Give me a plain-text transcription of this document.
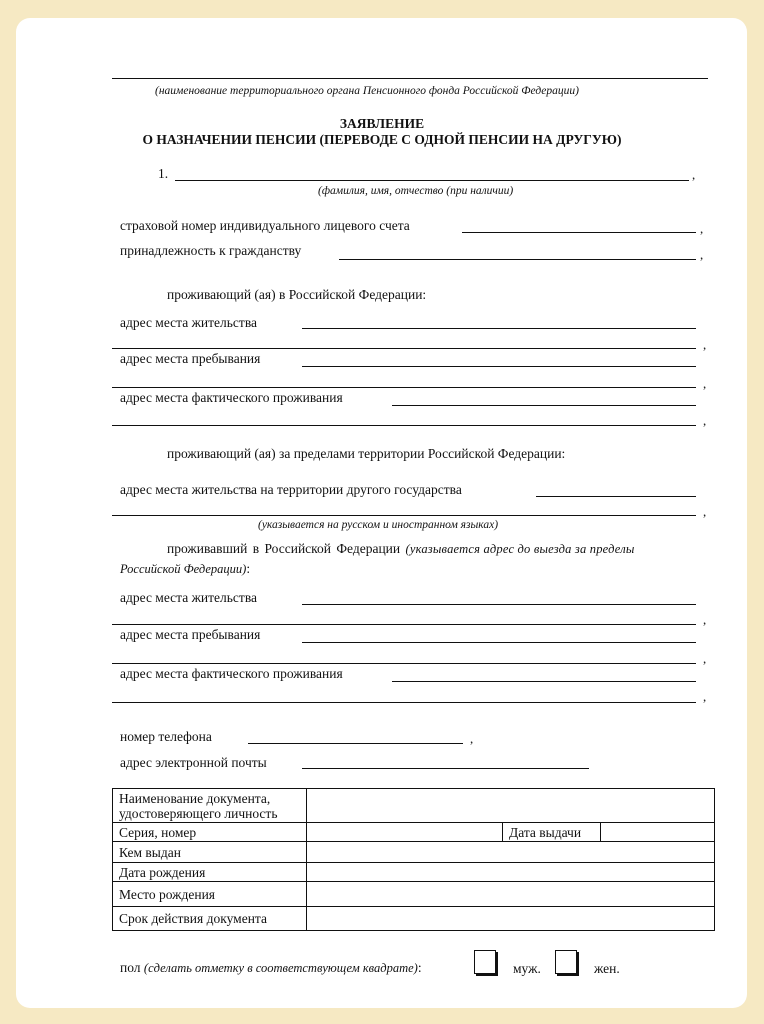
(наименование территориального органа Пенсионного фонда Российской Федерации)
ЗАЯВЛЕНИЕ
О НАЗНАЧЕНИИ ПЕНСИИ (ПЕРЕВОДЕ С ОДНОЙ ПЕНСИИ НА ДРУГУЮ)
1.	,
(фамилия, имя, отчество (при наличии)
страховой номер индивидуального лицевого счета	,
принадлежность к гражданству	,
проживающий (ая) в Российской Федерации:
адрес места жительства
,
адрес места пребывания
,
адрес места фактического проживания
,
проживающий (ая) за пределами территории Российской Федерации:
адрес места жительства на территории другого государства
,
(указывается на русском и иностранном языках)
проживавший в Российской Федерации (указывается адрес до выезда за пределы
Российской Федерации):
адрес места жительства
,
адрес места пребывания
,
адрес места фактического проживания
,
номер телефона	,
адрес электронной почты
Наименование документа,
удостоверяющего личность			
Серия, номер		Дата выдачи	
Кем выдан			
Дата рождения			
Место рождения			
Срок действия документа			
пол (сделать отметку в соответствующем квадрате):	муж.	жен.
